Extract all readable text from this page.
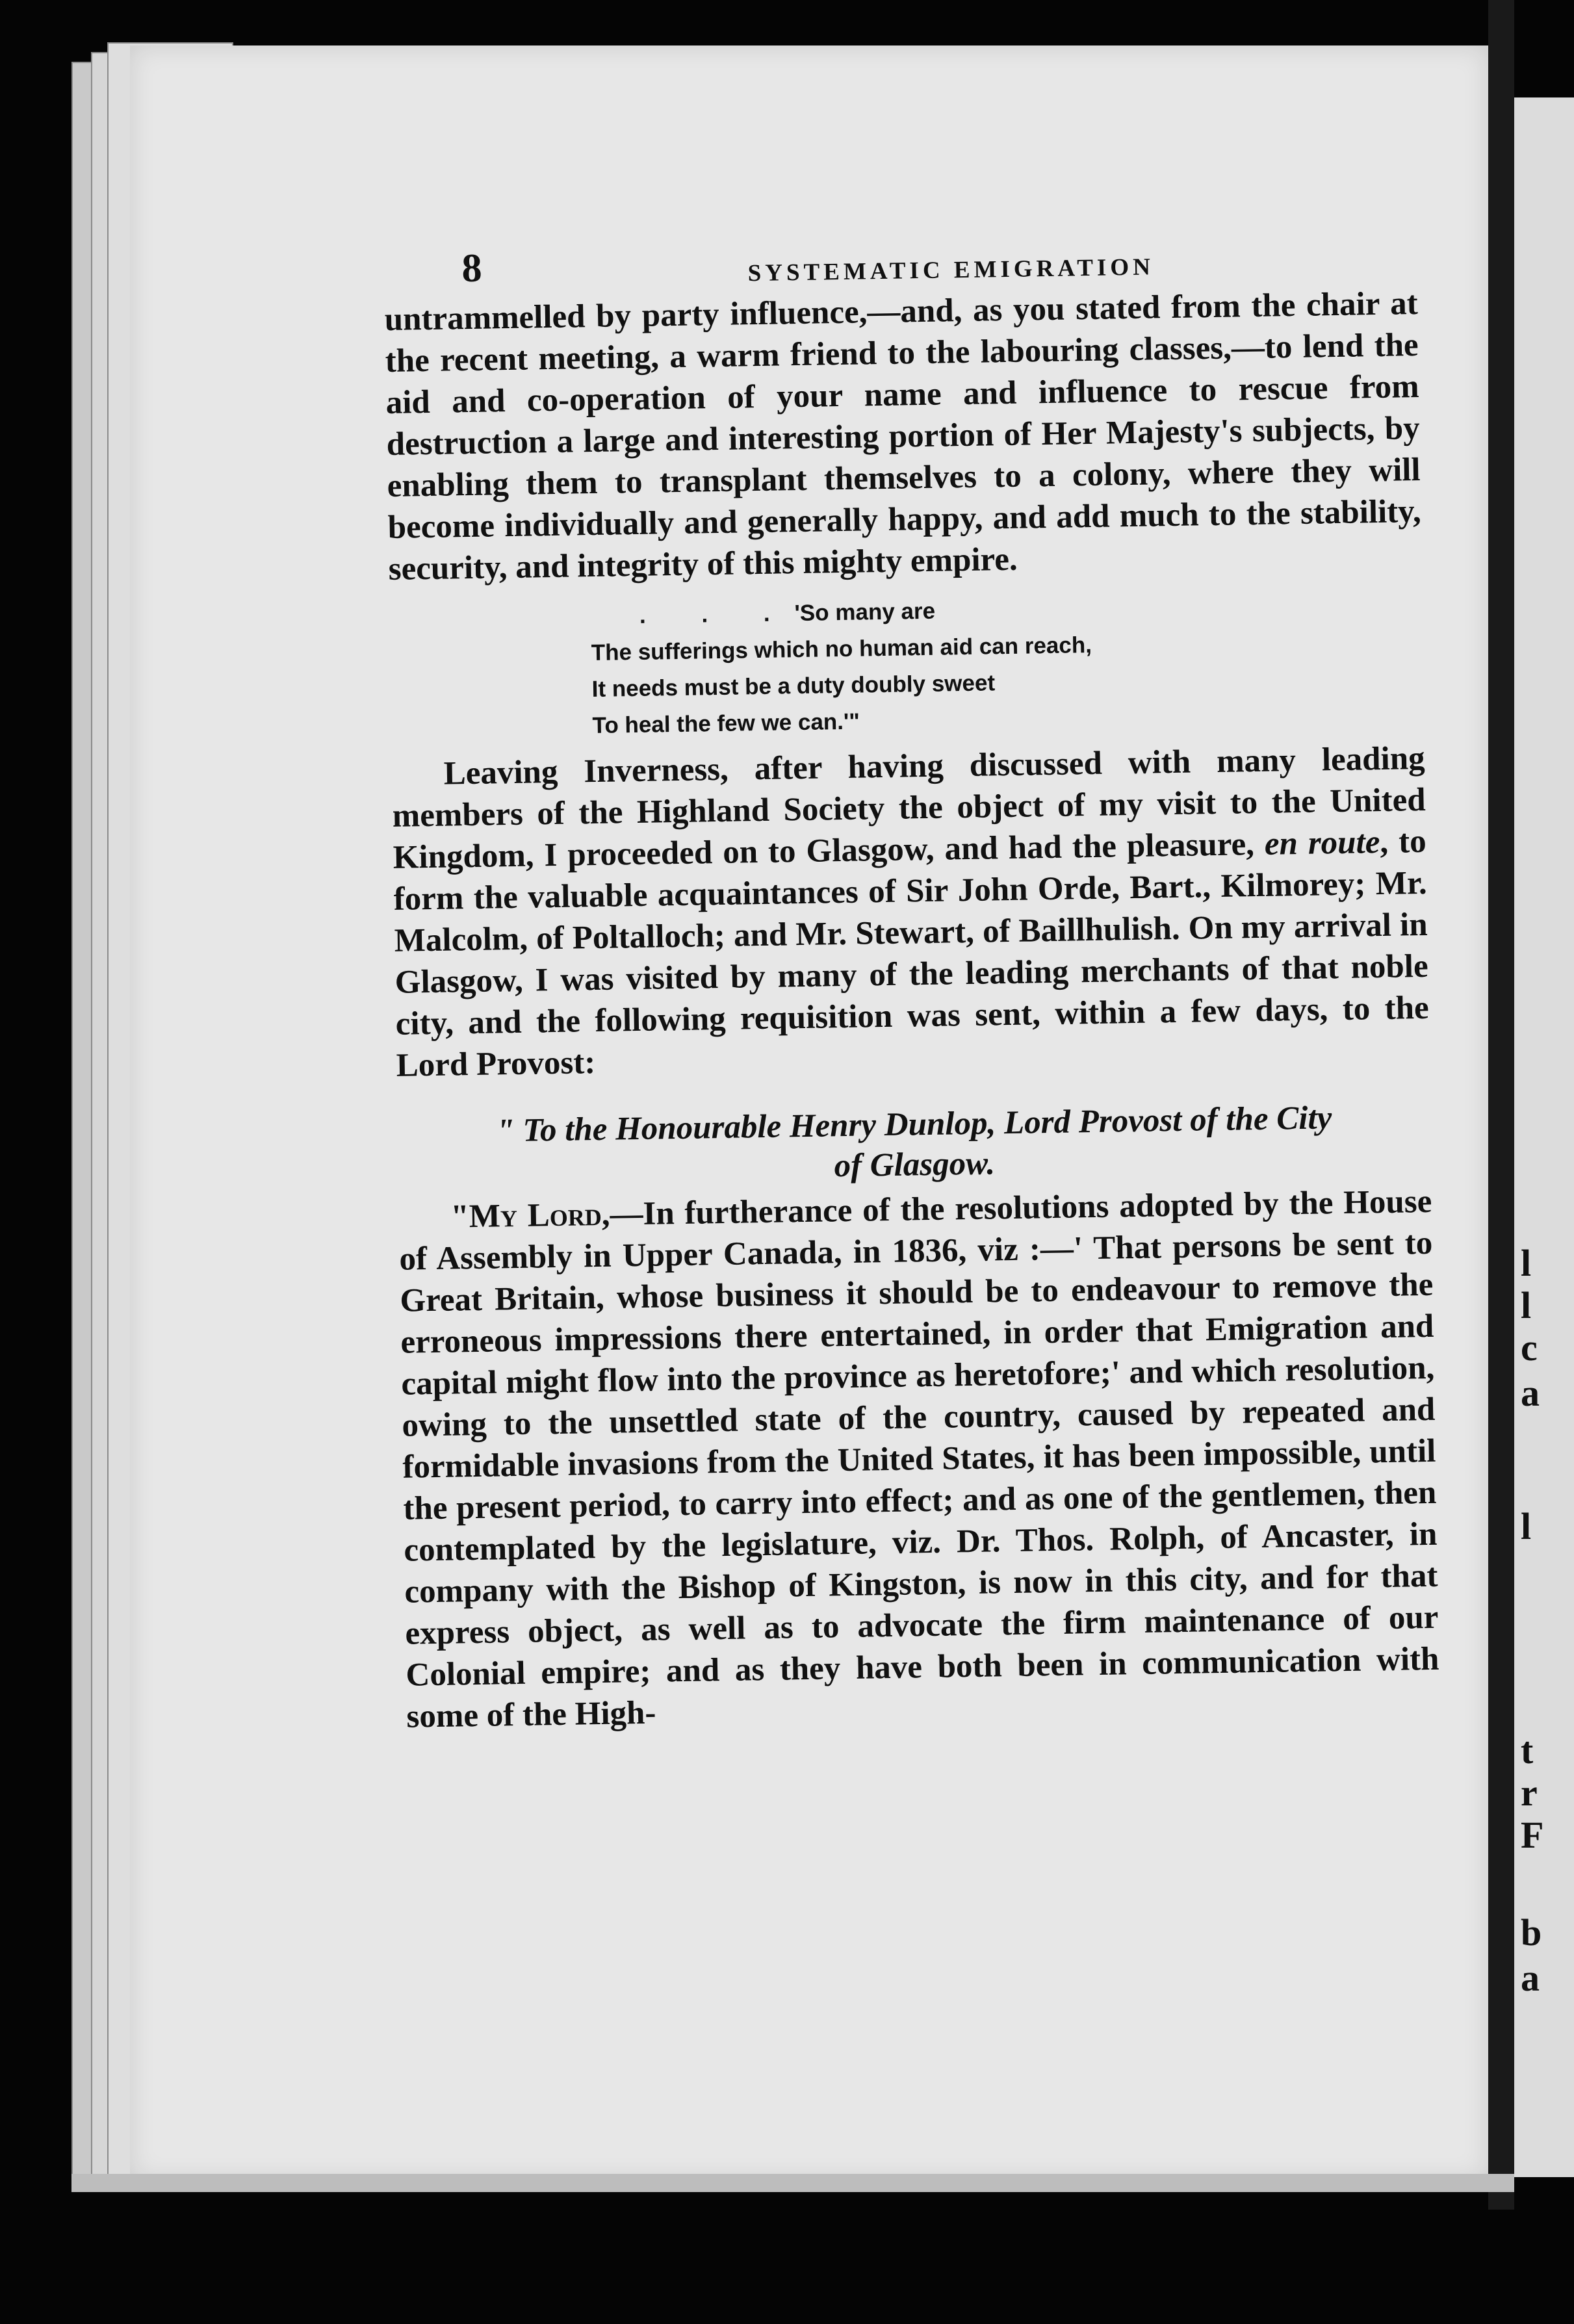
l
l
c
a
l
t
r
F
b
a
8	SYSTEMATIC EMIGRATION

untrammelled by party influence,—and, as you stated from the chair at the recent meeting, a warm friend to the labouring classes,—to lend the aid and co-operation of your name and influence to rescue from destruction a large and interesting portion of Her Majesty's subjects, by enabling them to transplant themselves to a colony, where they will become individually and generally happy, and add much to the stability, security, and integrity of this mighty empire.

. . .'So many are
The sufferings which no human aid can reach,
It needs must be a duty doubly sweet
To heal the few we can.'"

Leaving Inverness, after having discussed with many leading members of the Highland Society the object of my visit to the United Kingdom, I proceeded on to Glasgow, and had the pleasure, en route, to form the valuable acquaintances of Sir John Orde, Bart., Kilmorey; Mr. Malcolm, of Poltalloch; and Mr. Stewart, of Baillhulish. On my arrival in Glasgow, I was visited by many of the leading merchants of that noble city, and the following requisition was sent, within a few days, to the Lord Provost:

" To the Honourable Henry Dunlop, Lord Provost of the City
of Glasgow.

"My Lord,—In furtherance of the resolutions adopted by the House of Assembly in Upper Canada, in 1836, viz :—' That persons be sent to Great Britain, whose business it should be to endeavour to remove the erroneous impressions there entertained, in order that Emigration and capital might flow into the province as heretofore;' and which resolution, owing to the unsettled state of the country, caused by repeated and formidable invasions from the United States, it has been impossible, until the present period, to carry into effect; and as one of the gentlemen, then contemplated by the legislature, viz. Dr. Thos. Rolph, of Ancaster, in company with the Bishop of Kingston, is now in this city, and for that express object, as well as to advocate the firm maintenance of our Colonial empire; and as they have both been in communication with some of the High-
